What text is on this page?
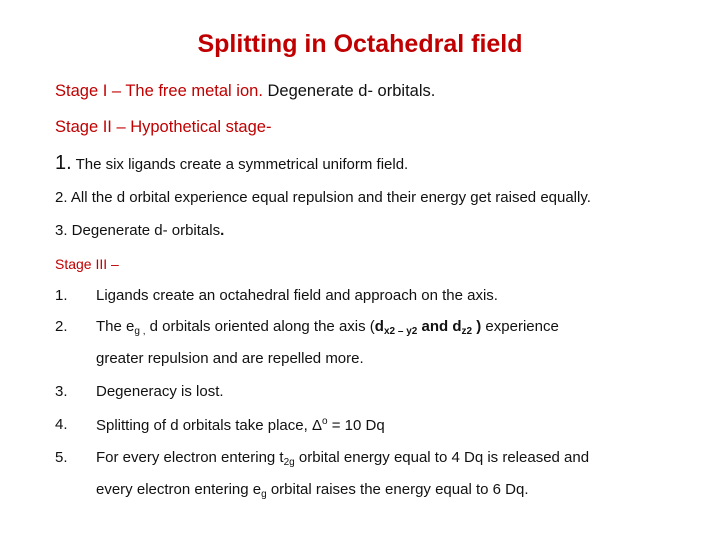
Splitting in Octahedral field
Stage I – The free metal ion. Degenerate d- orbitals.
Stage II – Hypothetical stage-
1. The six ligands create a symmetrical uniform field.
2. All the d orbital experience equal repulsion and their energy get raised equally.
3. Degenerate d- orbitals.
Stage III –
1. Ligands create an octahedral field and approach on the axis.
2. The $e_{g ,}$ d orbitals oriented along the axis ($d_{x2 - y2}$ and $d_{z2}$ ) experience
greater repulsion and are repelled more.
3. Degeneracy is lost.
4. Splitting of d orbitals take place, $\Delta^o = 10$ Dq
5. For every electron entering $t_{2g}$ orbital energy equal to 4 Dq is released and
every electron entering $e_g$ orbital raises the energy equal to 6 Dq.
